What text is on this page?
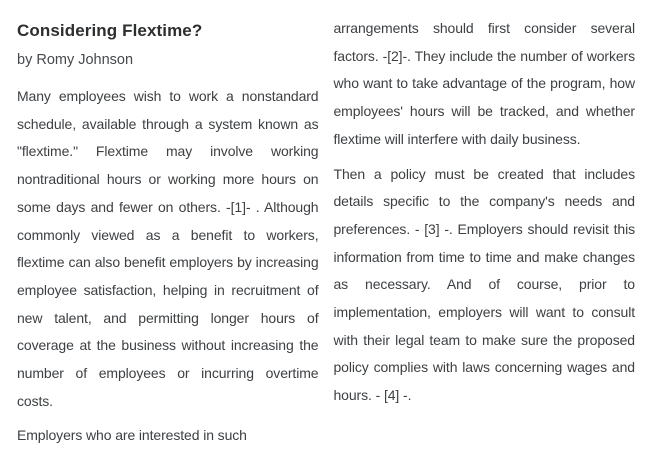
Considering Flextime?

by Romy Johnson

Many employees wish to work a nonstandard schedule, available through a system known as "flextime." Flextime may involve working nontraditional hours or working more hours on some days and fewer on others. -[1]- . Although commonly viewed as a benefit to workers, flextime can also benefit employers by increasing employee satisfaction, helping in recruitment of new talent, and permitting longer hours of coverage at the business without increasing the number of employees or incurring overtime costs.

Employers who are interested in such

arrangements should first consider several factors. -[2]-. They include the number of workers who want to take advantage of the program, how employees' hours will be tracked, and whether flextime will interfere with daily business.

Then a policy must be created that includes details specific to the company's needs and preferences. - [3] -. Employers should revisit this information from time to time and make changes as necessary. And of course, prior to implementation, employers will want to consult with their legal team to make sure the proposed policy complies with laws concerning wages and hours. - [4] -.
